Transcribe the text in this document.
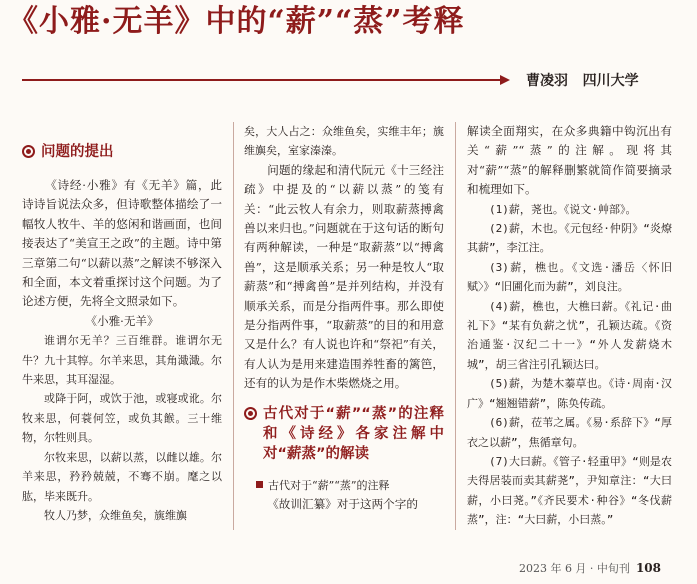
《小雅·无羊》中的“薪”“蒸”考释
曹凌羽 四川大学
问题的提出

《诗经·小雅》有《无羊》篇，此诗诗旨说法众多，但诗歌整体描绘了一幅牧人牧牛、羊的悠闲和谐画面，也间接表达了“美宣王之政”的主题。诗中第三章第二句“以薪以蒸”之解读不够深入和全面，本文着重探讨这个问题。为了论述方便，先将全文照录如下。

《小雅·无羊》

谁谓尔无羊？三百维群。谁谓尔无牛？九十其犉。尔羊来思，其角濈濈。尔牛来思，其耳湿湿。

或降于阿，或饮于池，或寝或讹。尔牧来思，何蓑何笠，或负其餱。三十维物，尔牲则具。

尔牧来思，以薪以蒸，以雌以雄。尔羊来思，矜矜兢兢，不骞不崩。麾之以肱，毕来既升。

牧人乃梦，众维鱼矣，旐维旟

矣，大人占之：众维鱼矣，实维丰年；旐维旟矣，室家溱溱。

问题的缘起和清代阮元《十三经注疏》中提及的“以薪以蒸”的笺有关：“此云牧人有余力，则取薪蒸搏禽兽以来归也。”问题就在于这句话的断句有两种解读，一种是“取薪蒸”以“搏禽兽”，这是顺承关系；另一种是牧人“取薪蒸”和“搏禽兽”是并列结构，并没有顺承关系，而是分指两件事。那么即使是分指两件事，“取薪蒸”的目的和用意又是什么？有人说也许和“祭祀”有关，有人认为是用来建造围养牲畜的篱笆，还有的认为是作木柴燃烧之用。

古代对于“薪”“蒸”的注释和《诗经》各家注解中对“薪蒸”的解读

古代对于“薪”“蒸”的注释

《故训汇纂》对于这两个字的

解读全面翔实，在众多典籍中钩沉出有关“薪”“蒸”的注解。现将其对“薪”“蒸”的解释删繁就简作简要摘录和梳理如下。

(1)薪，荛也。《说文·艸部》。

(2)薪，木也。《元包经·仲阴》“炎燎其薪”，李江注。

(3)薪，樵也。《文选·潘岳〈怀旧赋〉》“旧圃化而为薪”，刘良注。

(4)薪，樵也，大樵曰薪。《礼记·曲礼下》“某有负薪之忧”，孔颖达疏。《资治通鉴·汉纪二十一》“外人发薪烧木城”，胡三省注引孔颖达曰。

(5)薪，为楚木蓁草也。《诗·周南·汉广》“翘翘错薪”，陈奂传疏。

(6)薪，莅苇之属。《易·系辞下》“厚衣之以薪”，焦循章句。

(7)大曰薪。《管子·轻重甲》“则是农夫得居装而卖其薪荛”，尹知章注：“大曰薪，小曰荛。”《齐民要术·种谷》“冬伐薪蒸”，注：“大曰薪，小曰蒸。”

2023 年 6 月 · 中旬刊 108
